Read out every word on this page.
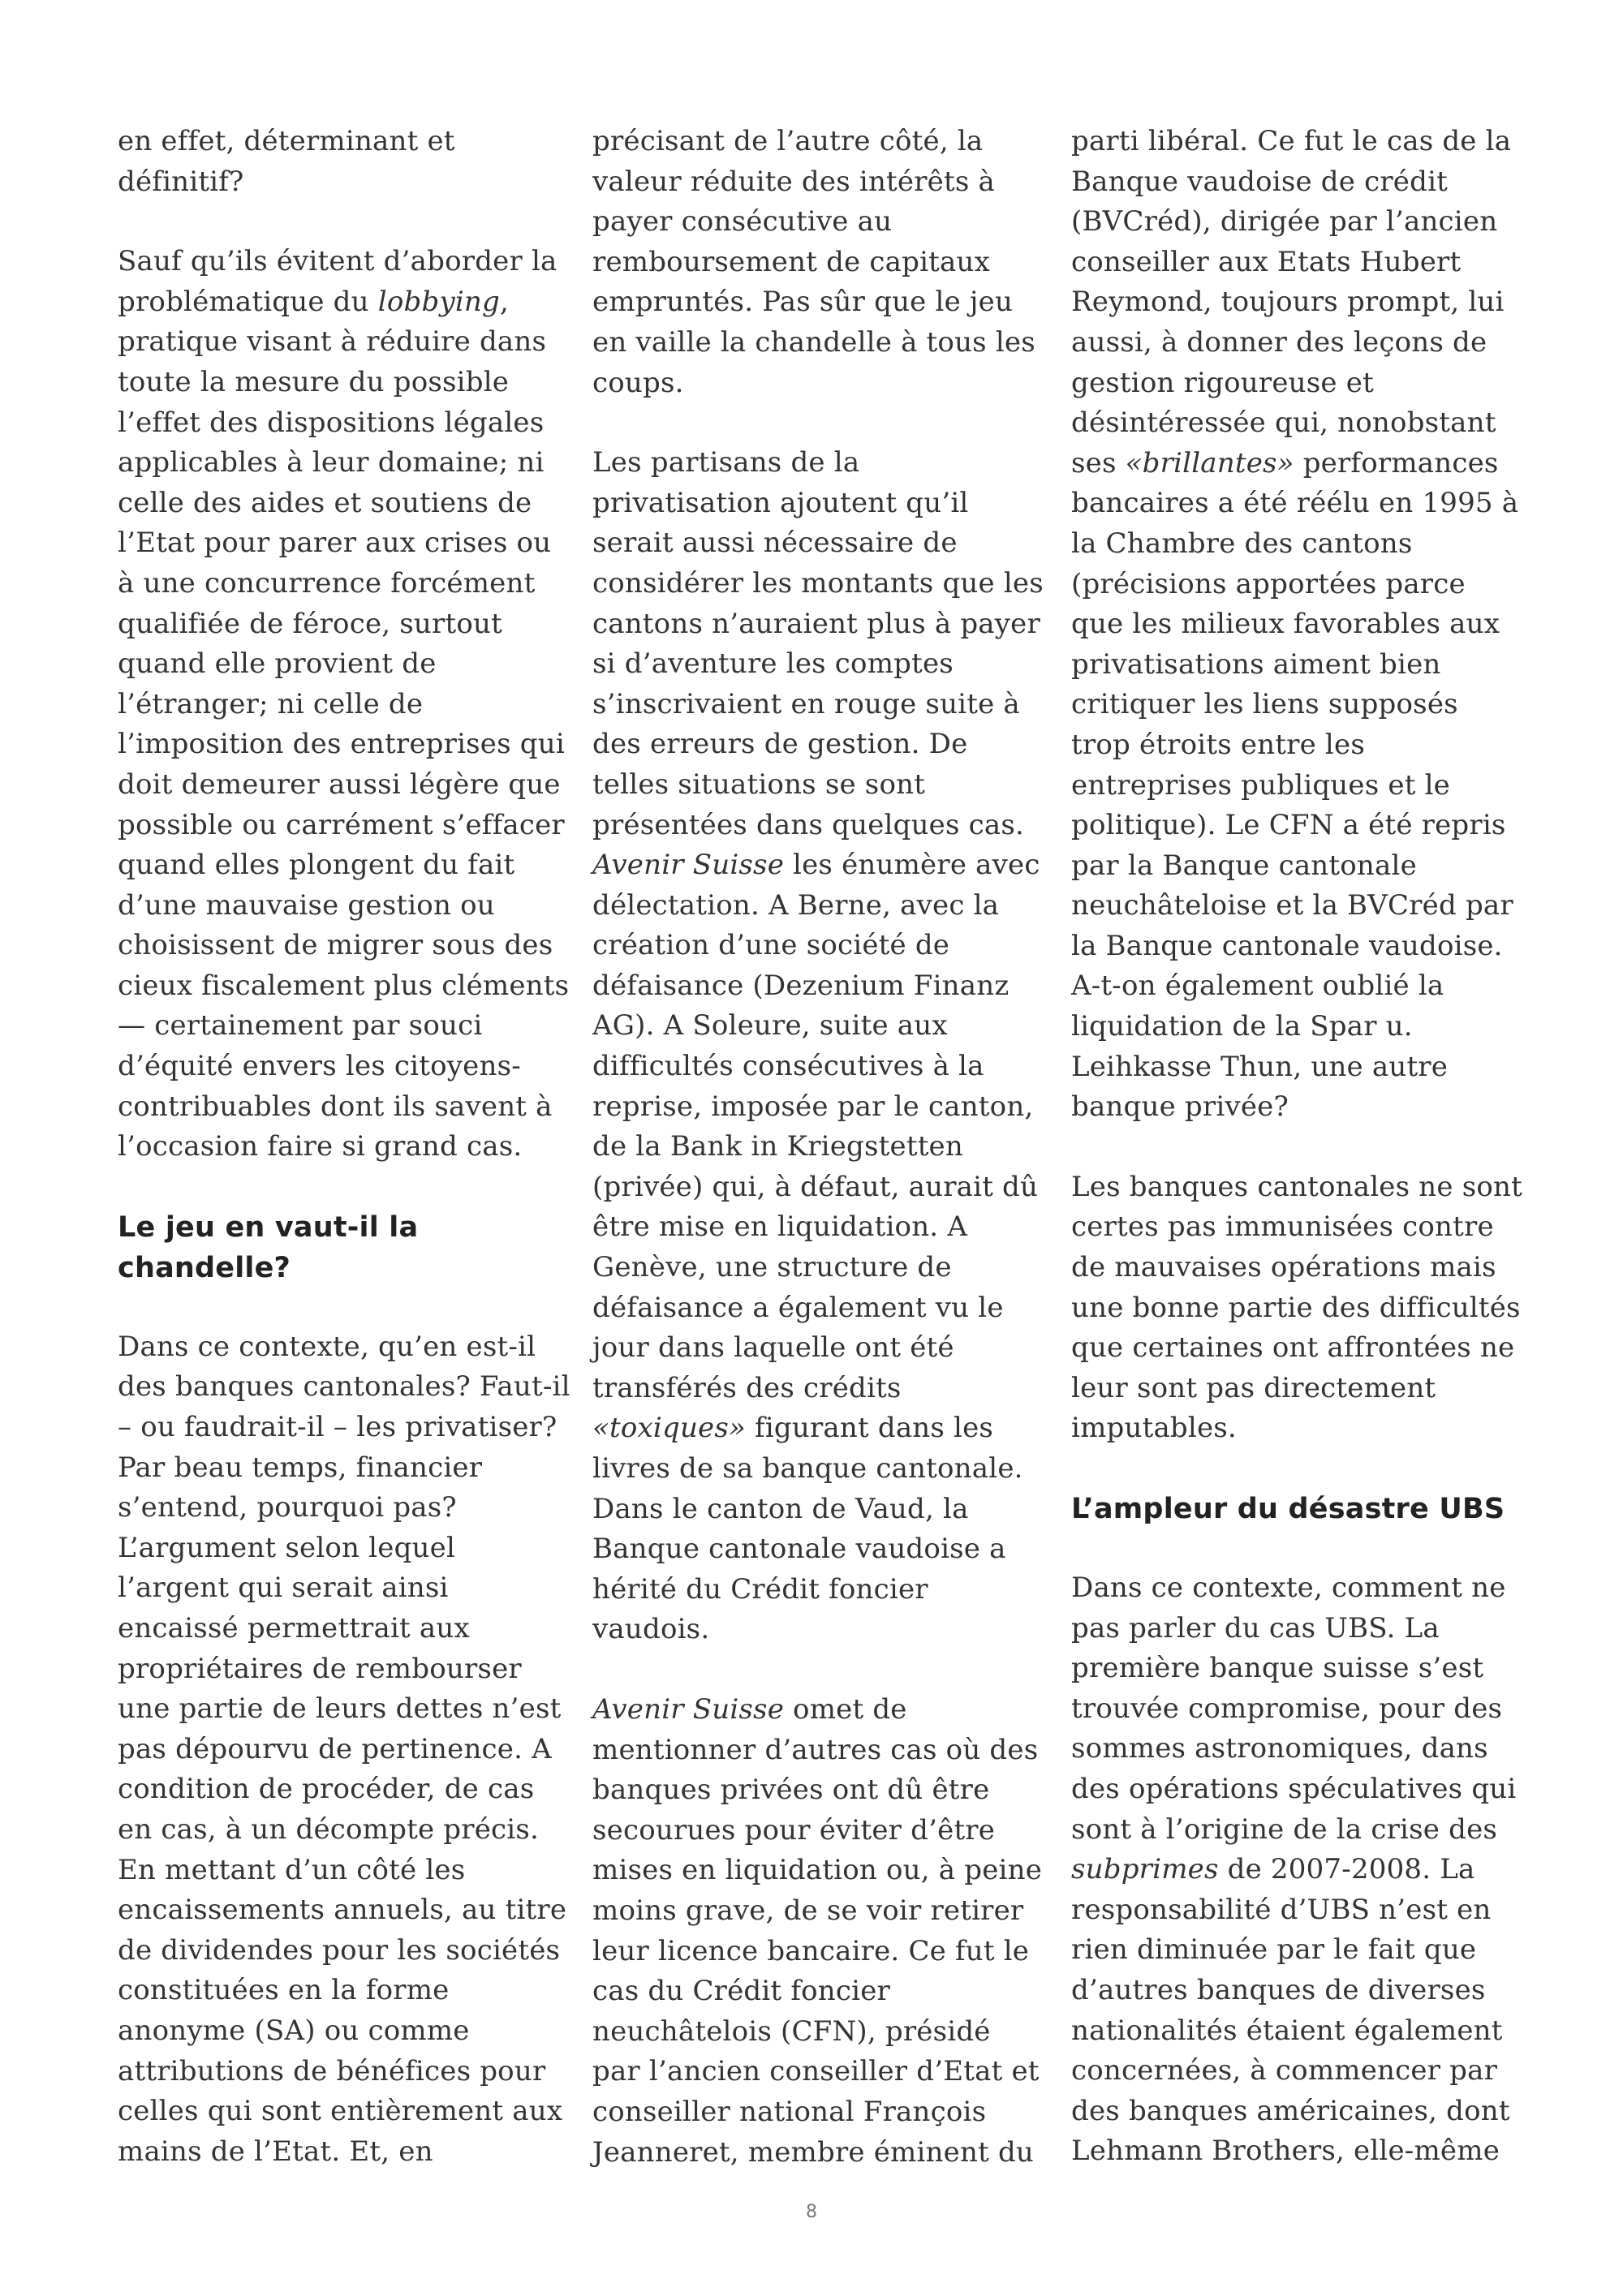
en effet, déterminant et définitif?

Sauf qu’ils évitent d’aborder la problématique du lobbying, pratique visant à réduire dans toute la mesure du possible l’effet des dispositions légales applicables à leur domaine; ni celle des aides et soutiens de l’Etat pour parer aux crises ou à une concurrence forcément qualifiée de féroce, surtout quand elle provient de l’étranger; ni celle de l’imposition des entreprises qui doit demeurer aussi légère que possible ou carrément s’effacer quand elles plongent du fait d’une mauvaise gestion ou choisissent de migrer sous des cieux fiscalement plus cléments — certainement par souci d’équité envers les citoyens-contribuables dont ils savent à l’occasion faire si grand cas.

Le jeu en vaut-il la
chandelle?

Dans ce contexte, qu’en est-il des banques cantonales? Faut-il – ou faudrait-il – les privatiser? Par beau temps, financier s’entend, pourquoi pas? L’argument selon lequel l’argent qui serait ainsi encaissé permettrait aux propriétaires de rembourser une partie de leurs dettes n’est pas dépourvu de pertinence. A condition de procéder, de cas en cas, à un décompte précis. En mettant d’un côté les encaissements annuels, au titre de dividendes pour les sociétés constituées en la forme anonyme (SA) ou comme attributions de bénéfices pour celles qui sont entièrement aux mains de l’Etat. Et, en

précisant de l’autre côté, la valeur réduite des intérêts à payer consécutive au remboursement de capitaux empruntés. Pas sûr que le jeu en vaille la chandelle à tous les coups.

Les partisans de la privatisation ajoutent qu’il serait aussi nécessaire de considérer les montants que les cantons n’auraient plus à payer si d’aventure les comptes s’inscrivaient en rouge suite à des erreurs de gestion. De telles situations se sont présentées dans quelques cas. Avenir Suisse les énumère avec délectation. A Berne, avec la création d’une société de défaisance (Dezenium Finanz AG). A Soleure, suite aux difficultés consécutives à la reprise, imposée par le canton, de la Bank in Kriegstetten (privée) qui, à défaut, aurait dû être mise en liquidation. A Genève, une structure de défaisance a également vu le jour dans laquelle ont été transférés des crédits «toxiques» figurant dans les livres de sa banque cantonale. Dans le canton de Vaud, la Banque cantonale vaudoise a hérité du Crédit foncier vaudois.

Avenir Suisse omet de mentionner d’autres cas où des banques privées ont dû être secourues pour éviter d’être mises en liquidation ou, à peine moins grave, de se voir retirer leur licence bancaire. Ce fut le cas du Crédit foncier neuchâtelois (CFN), présidé par l’ancien conseiller d’Etat et conseiller national François Jeanneret, membre éminent du

parti libéral. Ce fut le cas de la Banque vaudoise de crédit (BVCréd), dirigée par l’ancien conseiller aux Etats Hubert Reymond, toujours prompt, lui aussi, à donner des leçons de gestion rigoureuse et désintéressée qui, nonobstant ses «brillantes» performances bancaires a été réélu en 1995 à la Chambre des cantons (précisions apportées parce que les milieux favorables aux privatisations aiment bien critiquer les liens supposés trop étroits entre les entreprises publiques et le politique). Le CFN a été repris par la Banque cantonale neuchâteloise et la BVCréd par la Banque cantonale vaudoise. A-t-on également oublié la liquidation de la Spar u. Leihkasse Thun, une autre banque privée?

Les banques cantonales ne sont certes pas immunisées contre de mauvaises opérations mais une bonne partie des difficultés que certaines ont affrontées ne leur sont pas directement imputables.

L’ampleur du désastre UBS

Dans ce contexte, comment ne pas parler du cas UBS. La première banque suisse s’est trouvée compromise, pour des sommes astronomiques, dans des opérations spéculatives qui sont à l’origine de la crise des subprimes de 2007-2008. La responsabilité d’UBS n’est en rien diminuée par le fait que d’autres banques de diverses nationalités étaient également concernées, à commencer par des banques américaines, dont Lehmann Brothers, elle-même

8
